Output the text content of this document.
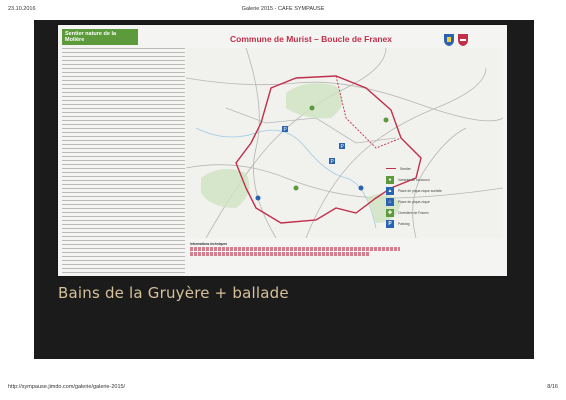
23.10.2016	Galerie 2015 - CAFE SYMPAUSE
Sentier nature de la Molière	Commune de Murist – Boucle de Franex
P
P
P
Sentier
●	Variante de raccourci
▲	Place de pique-nique surfaite
⌂	Place de pique-nique
✚	Cimetière de Franex
P	Parking
Informations techniques
Bains de la Gruyère + ballade
http://sympause.jimdo.com/galerie/galerie-2015/	8/16
